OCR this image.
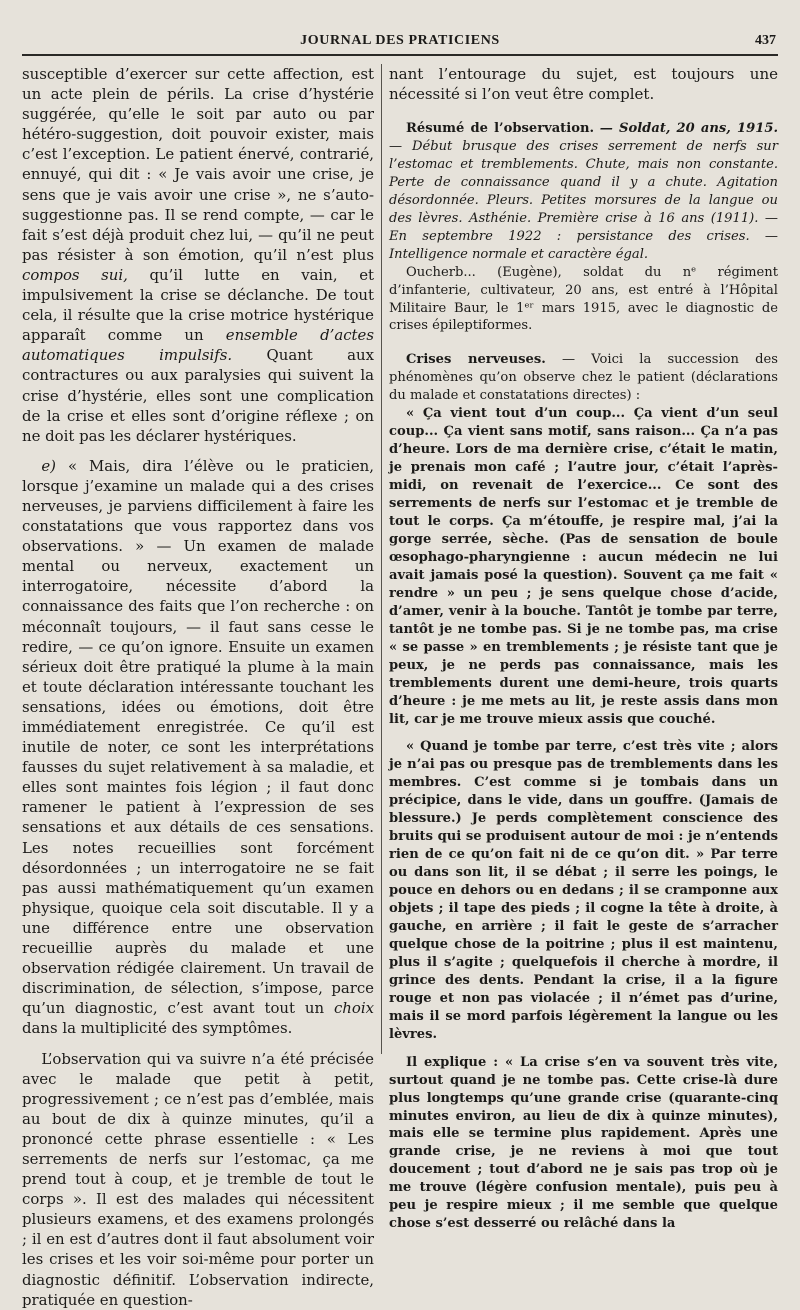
JOURNAL DES PRATICIENS	437

susceptible d’exercer sur cette affection, est un acte plein de périls. La crise d’hystérie suggérée, qu’elle le soit par auto ou par hétéro-suggestion, doit pouvoir exister, mais c’est l’exception. Le patient énervé, contrarié, ennuyé, qui dit : « Je vais avoir une crise, je sens que je vais avoir une crise », ne s’auto-suggestionne pas. Il se rend compte, — car le fait s’est déjà produit chez lui, — qu’il ne peut pas résister à son émotion, qu’il n’est plus compos sui, qu’il lutte en vain, et impulsivement la crise se déclanche. De tout cela, il résulte que la crise motrice hystérique apparaît comme un ensemble d’actes automatiques impulsifs. Quant aux contractures ou aux paralysies qui suivent la crise d’hystérie, elles sont une complication de la crise et elles sont d’origine réflexe ; on ne doit pas les déclarer hystériques.

e) « Mais, dira l’élève ou le praticien, lorsque j’examine un malade qui a des crises nerveuses, je parviens difficilement à faire les constatations que vous rapportez dans vos observations. » — Un examen de malade mental ou nerveux, exactement un interrogatoire, nécessite d’abord la connaissance des faits que l’on recherche : on méconnaît toujours, — il faut sans cesse le redire, — ce qu’on ignore. Ensuite un examen sérieux doit être pratiqué la plume à la main et toute déclaration intéressante touchant les sensations, idées ou émotions, doit être immédiatement enregistrée. Ce qu’il est inutile de noter, ce sont les interprétations fausses du sujet relativement à sa maladie, et elles sont maintes fois légion ; il faut donc ramener le patient à l’expression de ses sensations et aux détails de ces sensations. Les notes recueillies sont forcément désordonnées ; un interrogatoire ne se fait pas aussi mathématiquement qu’un examen physique, quoique cela soit discutable. Il y a une différence entre une observation recueillie auprès du malade et une observation rédigée clairement. Un travail de discrimination, de sélection, s’impose, parce qu’un diagnostic, c’est avant tout un choix dans la multiplicité des symptômes.

L’observation qui va suivre n’a été précisée avec le malade que petit à petit, progressivement ; ce n’est pas d’emblée, mais au bout de dix à quinze minutes, qu’il a prononcé cette phrase essentielle : « Les serrements de nerfs sur l’estomac, ça me prend tout à coup, et je tremble de tout le corps ». Il est des malades qui nécessitent plusieurs examens, et des examens prolongés ; il en est d’autres dont il faut absolument voir les crises et les voir soi-même pour porter un diagnostic définitif. L’observation indirecte, pratiquée en question-

nant l’entourage du sujet, est toujours une nécessité si l’on veut être complet.

Résumé de l’observation. — Soldat, 20 ans, 1915. — Début brusque des crises serrement de nerfs sur l’estomac et tremblements. Chute, mais non constante. Perte de connaissance quand il y a chute. Agitation désordonnée. Pleurs. Petites morsures de la langue ou des lèvres. Asthénie. Première crise à 16 ans (1911). — En septembre 1922 : persistance des crises. — Intelligence normale et caractère égal.

Oucherb... (Eugène), soldat du nᵉ régiment d’infanterie, cultivateur, 20 ans, est entré à l’Hôpital Militaire Baur, le 1ᵉʳ mars 1915, avec le diagnostic de crises épileptiformes.

Crises nerveuses. — Voici la succession des phénomènes qu’on observe chez le patient (déclarations du malade et constatations directes) :

« Ça vient tout d’un coup... Ça vient d’un seul coup... Ça vient sans motif, sans raison... Ça n’a pas d’heure. Lors de ma dernière crise, c’était le matin, je prenais mon café ; l’autre jour, c’était l’après-midi, on revenait de l’exercice... Ce sont des serrements de nerfs sur l’estomac et je tremble de tout le corps. Ça m’étouffe, je respire mal, j’ai la gorge serrée, sèche. (Pas de sensation de boule œsophago-pharyngienne : aucun médecin ne lui avait jamais posé la question). Souvent ça me fait « rendre » un peu ; je sens quelque chose d’acide, d’amer, venir à la bouche. Tantôt je tombe par terre, tantôt je ne tombe pas. Si je ne tombe pas, ma crise « se passe » en tremblements ; je résiste tant que je peux, je ne perds pas connaissance, mais les tremblements durent une demi-heure, trois quarts d’heure : je me mets au lit, je reste assis dans mon lit, car je me trouve mieux assis que couché.

« Quand je tombe par terre, c’est très vite ; alors je n’ai pas ou presque pas de tremblements dans les membres. C’est comme si je tombais dans un précipice, dans le vide, dans un gouffre. (Jamais de blessure.) Je perds complètement conscience des bruits qui se produisent autour de moi : je n’entends rien de ce qu’on fait ni de ce qu’on dit. » Par terre ou dans son lit, il se débat ; il serre les poings, le pouce en dehors ou en dedans ; il se cramponne aux objets ; il tape des pieds ; il cogne la tête à droite, à gauche, en arrière ; il fait le geste de s’arracher quelque chose de la poitrine ; plus il est maintenu, plus il s’agite ; quelquefois il cherche à mordre, il grince des dents. Pendant la crise, il a la figure rouge et non pas violacée ; il n’émet pas d’urine, mais il se mord parfois légèrement la langue ou les lèvres.

Il explique : « La crise s’en va souvent très vite, surtout quand je ne tombe pas. Cette crise-là dure plus longtemps qu’une grande crise (quarante-cinq minutes environ, au lieu de dix à quinze minutes), mais elle se termine plus rapidement. Après une grande crise, je ne reviens à moi que tout doucement ; tout d’abord ne je sais pas trop où je me trouve (légère confusion mentale), puis peu à peu je respire mieux ; il me semble que quelque chose s’est desserré ou relâché dans la
